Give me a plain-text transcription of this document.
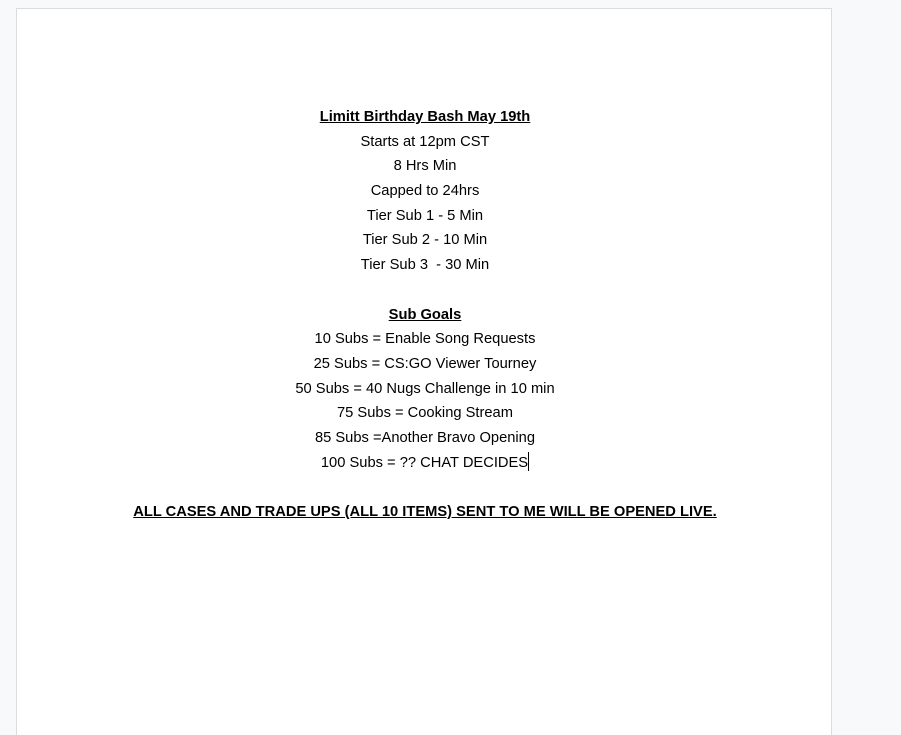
Limitt Birthday Bash May 19th
Starts at 12pm CST
8 Hrs Min
Capped to 24hrs
Tier Sub 1 - 5 Min
Tier Sub 2 - 10 Min
Tier Sub 3  - 30 Min
Sub Goals
10 Subs = Enable Song Requests
25 Subs = CS:GO Viewer Tourney
50 Subs = 40 Nugs Challenge in 10 min
75 Subs = Cooking Stream
85 Subs =Another Bravo Opening
100 Subs = ?? CHAT DECIDES
ALL CASES AND TRADE UPS (ALL 10 ITEMS) SENT TO ME WILL BE OPENED LIVE.
